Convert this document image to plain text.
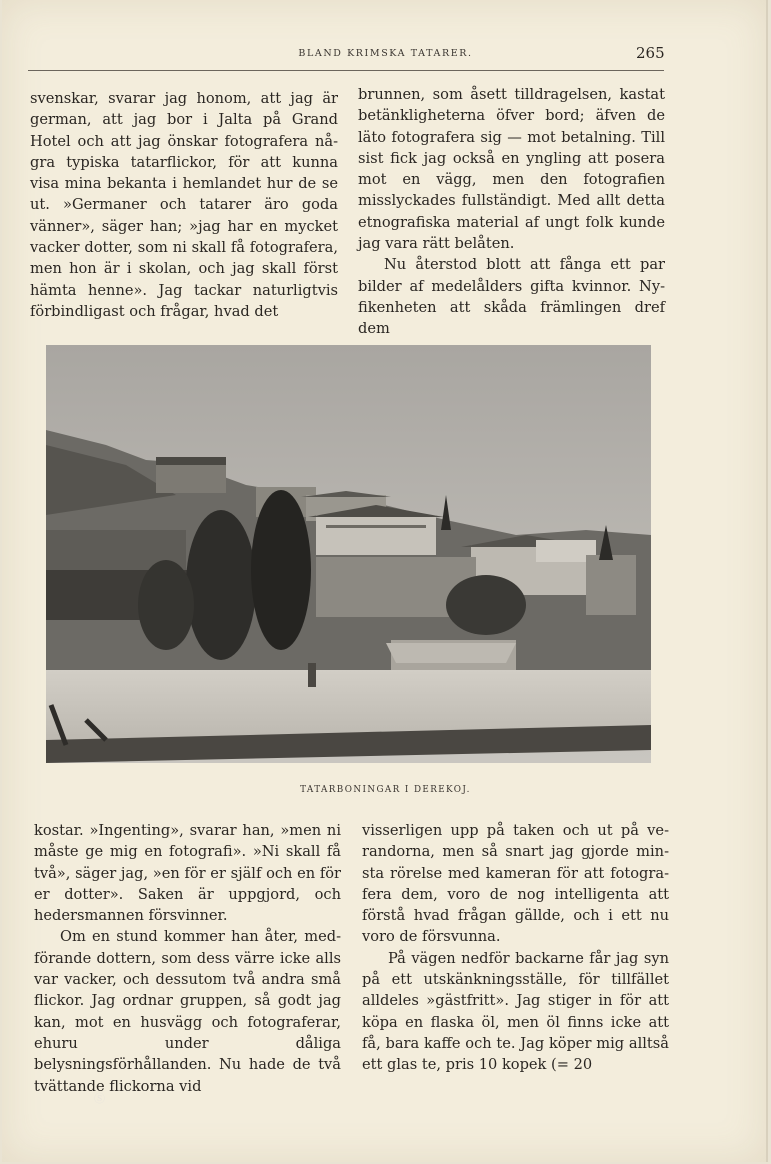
BLAND KRIMSKA TATARER.	265

svenskar, svarar jag honom, att jag är german, att jag bor i Jalta på Grand Hotel och att jag önskar fotografera några typiska tatarflickor, för att kunna visa mina bekanta i hemlandet hur de se ut. »Germaner och tatarer äro goda vänner», säger han; »jag har en mycket vacker dotter, som ni skall få fotografera, men hon är i skolan, och jag skall först hämta henne». Jag tackar naturligtvis förbindligast och frågar, hvad det

brunnen, som åsett tilldragelsen, kastat betänkligheterna öfver bord; äfven de läto fotografera sig — mot betalning. Till sist fick jag också en yngling att posera mot en vägg, men den fotografien misslyckades fullständigt. Med allt detta etnografiska material af ungt folk kunde jag vara rätt belåten.

Nu återstod blott att fånga ett par bilder af medelålders gifta kvinnor. Nyfikenheten att skåda främlingen dref dem

Ⓢ
TATARBONINGAR I DEREKOJ.

kostar. »Ingenting», svarar han, »men ni måste ge mig en fotografi». »Ni skall få två», säger jag, »en för er själf och en för er dotter». Saken är uppgjord, och hedersmannen försvinner.

Om en stund kommer han åter, medförande dottern, som dess värre icke alls var vacker, och dessutom två andra små flickor. Jag ordnar gruppen, så godt jag kan, mot en husvägg och fotograferar, ehuru under dåliga belysningsförhållanden. Nu hade de två tvättande flickorna vid

visserligen upp på taken och ut på verandorna, men så snart jag gjorde minsta rörelse med kameran för att fotografera dem, voro de nog intelligenta att förstå hvad frågan gällde, och i ett nu voro de försvunna.

På vägen nedför backarne får jag syn på ett utskänkningsställe, för tillfället alldeles »gästfritt». Jag stiger in för att köpa en flaska öl, men öl finns icke att få, bara kaffe och te. Jag köper mig alltså ett glas te, pris 10 kopek (= 20
